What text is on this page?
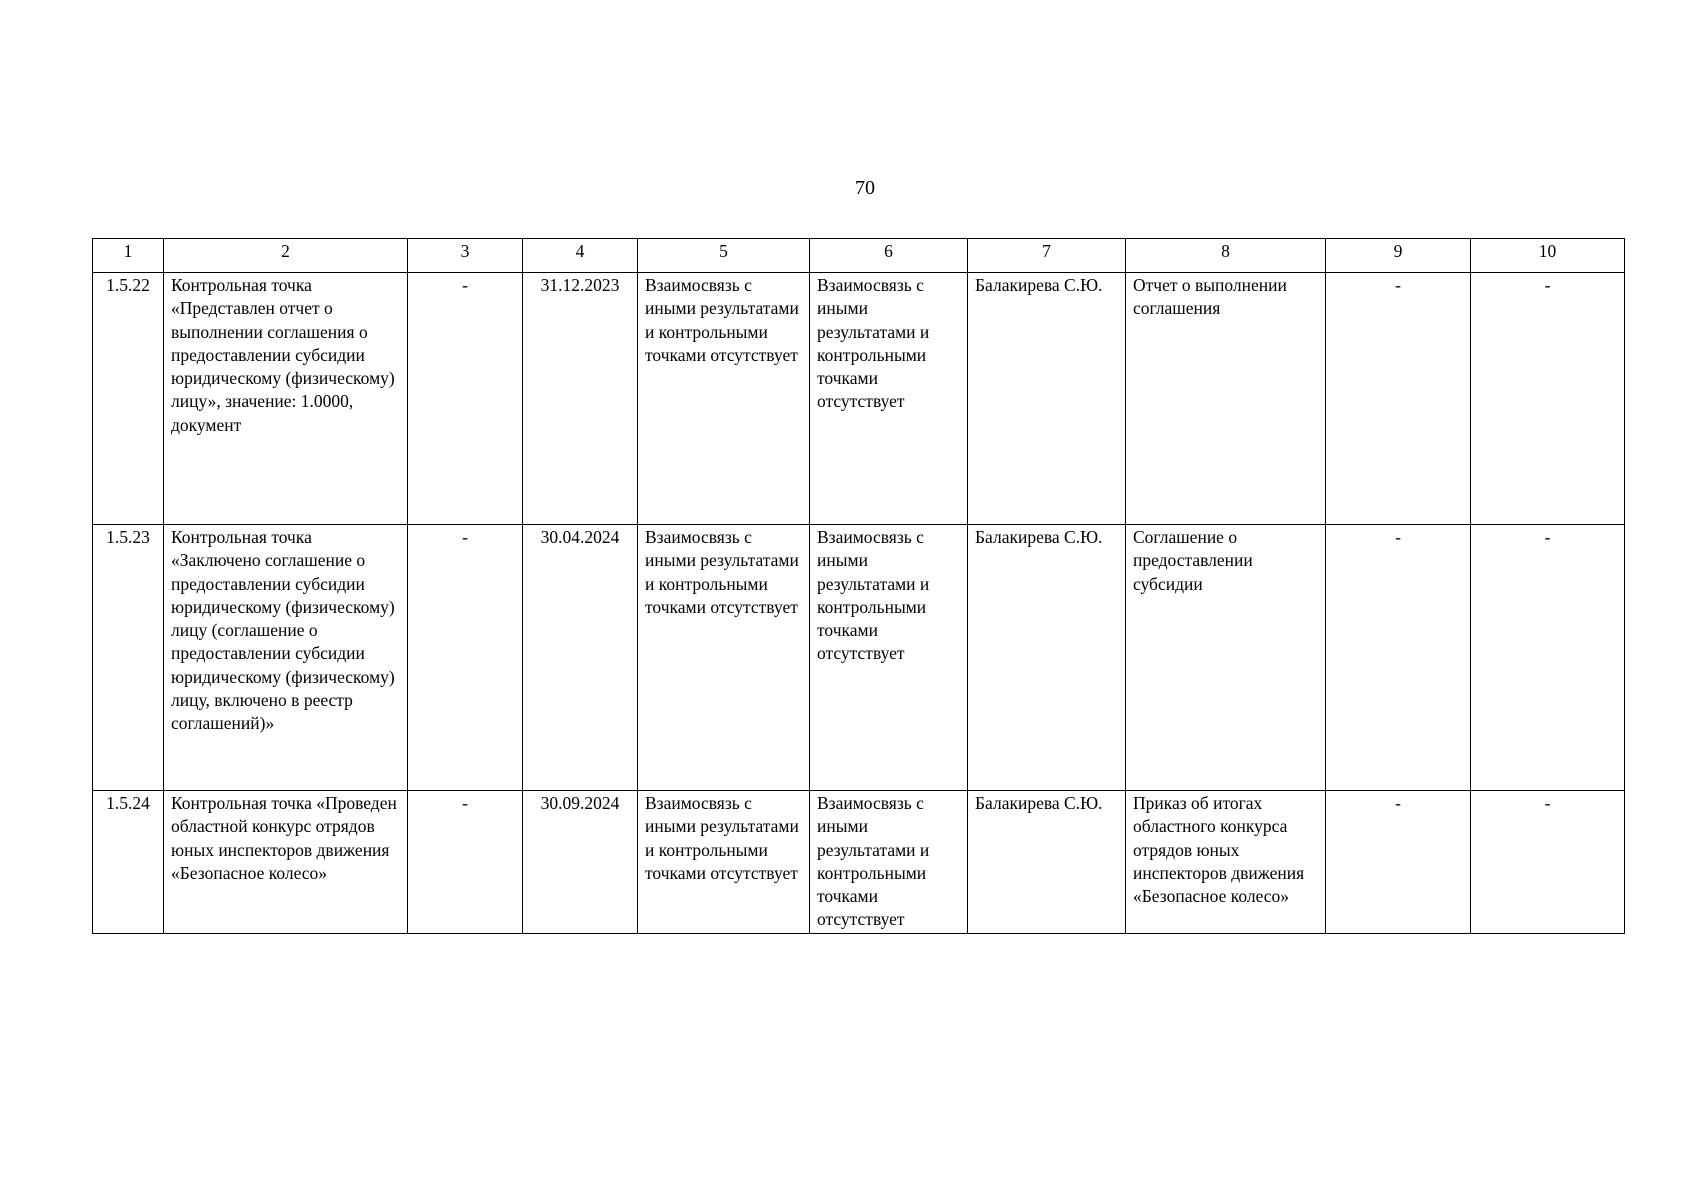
70
1	2	3	4	5	6	7	8	9	10
1.5.22	Контрольная точка «Представлен отчет о выполнении соглашения о предоставлении субсидии юридическому (физическому) лицу», значение: 1.0000, документ	-	31.12.2023	Взаимосвязь с иными результатами и контрольными точками отсутствует	Взаимосвязь с иными результатами и контрольными точками отсутствует	Балакирева С.Ю.	Отчет о выполнении соглашения	-	-
1.5.23	Контрольная точка «Заключено соглашение о предоставлении субсидии юридическому (физическому) лицу (соглашение о предоставлении субсидии юридическому (физическому) лицу, включено в реестр соглашений)»	-	30.04.2024	Взаимосвязь с иными результатами и контрольными точками отсутствует	Взаимосвязь с иными результатами и контрольными точками отсутствует	Балакирева С.Ю.	Соглашение о предоставлении субсидии	-	-
1.5.24	Контрольная точка «Проведен областной конкурс отрядов юных инспекторов движения «Безопасное колесо»	-	30.09.2024	Взаимосвязь с иными результатами и контрольными точками отсутствует	Взаимосвязь с иными результатами и контрольными точками отсутствует	Балакирева С.Ю.	Приказ об итогах областного конкурса отрядов юных инспекторов движения «Безопасное колесо»	-	-
